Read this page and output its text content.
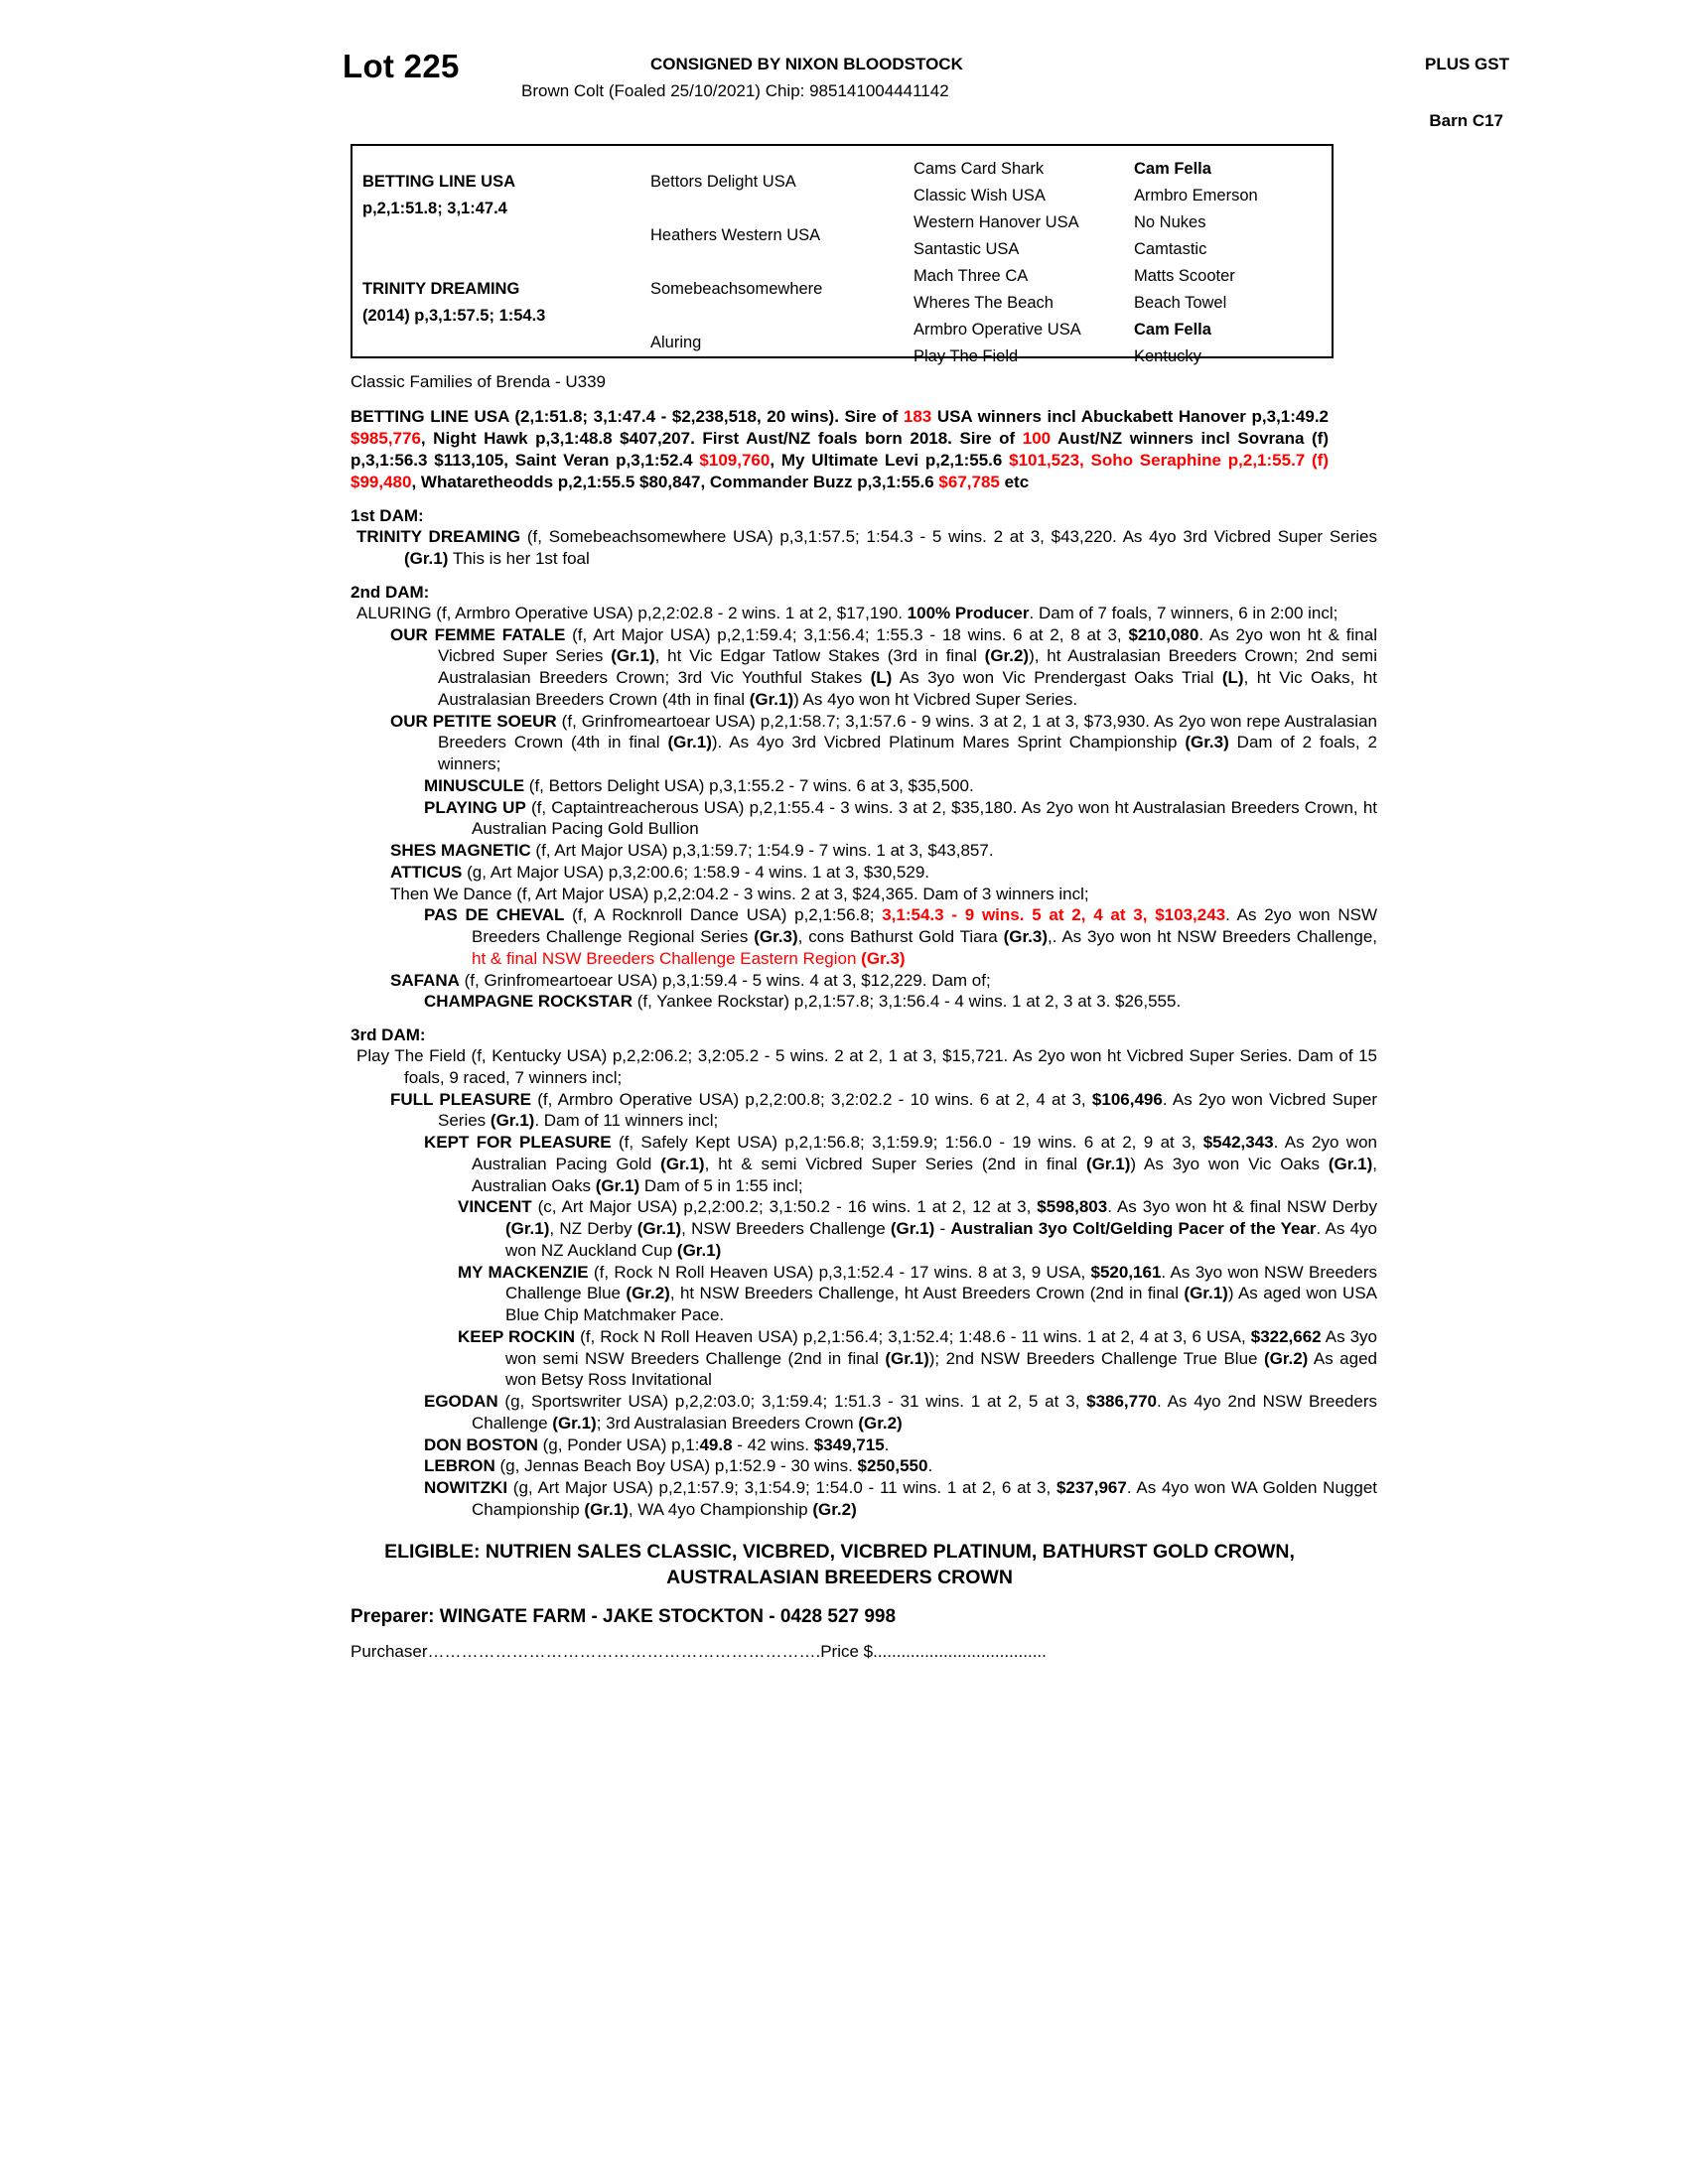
Lot 225	CONSIGNED BY NIXON BLOODSTOCK	PLUS GST
Brown Colt (Foaled 25/10/2021) Chip: 985141004441142
Barn C17
BETTING LINE USA
p,2,1:51.8; 3,1:47.4
TRINITY DREAMING
(2014) p,3,1:57.5; 1:54.3
Bettors Delight USA
Heathers Western USA
Somebeachsomewhere
Aluring
Cams Card Shark
Classic Wish USA
Western Hanover USA
Santastic USA
Mach Three CA
Wheres The Beach
Armbro Operative USA
Play The Field
Cam Fella
Armbro Emerson
No Nukes
Camtastic
Matts Scooter
Beach Towel
Cam Fella
Kentucky
Classic Families of Brenda - U339
BETTING LINE USA (2,1:51.8; 3,1:47.4 - $2,238,518, 20 wins). Sire of 183 USA winners incl Abuckabett Hanover p,3,1:49.2 $985,776, Night Hawk p,3,1:48.8 $407,207. First Aust/NZ foals born 2018. Sire of 100 Aust/NZ winners incl Sovrana (f) p,3,1:56.3 $113,105, Saint Veran p,3,1:52.4 $109,760, My Ultimate Levi p,2,1:55.6 $101,523, Soho Seraphine p,2,1:55.7 (f) $99,480, Whataretheodds p,2,1:55.5 $80,847, Commander Buzz p,3,1:55.6 $67,785 etc
1st DAM:
TRINITY DREAMING (f, Somebeachsomewhere USA) p,3,1:57.5; 1:54.3 - 5 wins. 2 at 3, $43,220. As 4yo 3rd Vicbred Super Series (Gr.1) This is her 1st foal
2nd DAM:
ALURING (f, Armbro Operative USA) p,2,2:02.8 - 2 wins. 1 at 2, $17,190. 100% Producer. Dam of 7 foals, 7 winners, 6 in 2:00 incl;
OUR FEMME FATALE (f, Art Major USA) p,2,1:59.4; 3,1:56.4; 1:55.3 - 18 wins. 6 at 2, 8 at 3, $210,080. As 2yo won ht & final Vicbred Super Series (Gr.1), ht Vic Edgar Tatlow Stakes (3rd in final (Gr.2)), ht Australasian Breeders Crown; 2nd semi Australasian Breeders Crown; 3rd Vic Youthful Stakes (L) As 3yo won Vic Prendergast Oaks Trial (L), ht Vic Oaks, ht Australasian Breeders Crown (4th in final (Gr.1)) As 4yo won ht Vicbred Super Series.
OUR PETITE SOEUR (f, Grinfromeartoear USA) p,2,1:58.7; 3,1:57.6 - 9 wins. 3 at 2, 1 at 3, $73,930. As 2yo won repe Australasian Breeders Crown (4th in final (Gr.1)). As 4yo 3rd Vicbred Platinum Mares Sprint Championship (Gr.3) Dam of 2 foals, 2 winners;
MINUSCULE (f, Bettors Delight USA) p,3,1:55.2 - 7 wins. 6 at 3, $35,500.
PLAYING UP (f, Captaintreacherous USA) p,2,1:55.4 - 3 wins. 3 at 2, $35,180. As 2yo won ht Australasian Breeders Crown, ht Australian Pacing Gold Bullion
SHES MAGNETIC (f, Art Major USA) p,3,1:59.7; 1:54.9 - 7 wins. 1 at 3, $43,857.
ATTICUS (g, Art Major USA) p,3,2:00.6; 1:58.9 - 4 wins. 1 at 3, $30,529.
Then We Dance (f, Art Major USA) p,2,2:04.2 - 3 wins. 2 at 3, $24,365. Dam of 3 winners incl;
PAS DE CHEVAL (f, A Rocknroll Dance USA) p,2,1:56.8; 3,1:54.3 - 9 wins. 5 at 2, 4 at 3, $103,243. As 2yo won NSW Breeders Challenge Regional Series (Gr.3), cons Bathurst Gold Tiara (Gr.3),. As 3yo won ht NSW Breeders Challenge, ht & final NSW Breeders Challenge Eastern Region (Gr.3)
SAFANA (f, Grinfromeartoear USA) p,3,1:59.4 - 5 wins. 4 at 3, $12,229. Dam of;
CHAMPAGNE ROCKSTAR (f, Yankee Rockstar) p,2,1:57.8; 3,1:56.4 - 4 wins. 1 at 2, 3 at 3. $26,555.
3rd DAM:
Play The Field (f, Kentucky USA) p,2,2:06.2; 3,2:05.2 - 5 wins. 2 at 2, 1 at 3, $15,721. As 2yo won ht Vicbred Super Series. Dam of 15 foals, 9 raced, 7 winners incl;
FULL PLEASURE (f, Armbro Operative USA) p,2,2:00.8; 3,2:02.2 - 10 wins. 6 at 2, 4 at 3, $106,496. As 2yo won Vicbred Super Series (Gr.1). Dam of 11 winners incl;
KEPT FOR PLEASURE (f, Safely Kept USA) p,2,1:56.8; 3,1:59.9; 1:56.0 - 19 wins. 6 at 2, 9 at 3, $542,343. As 2yo won Australian Pacing Gold (Gr.1), ht & semi Vicbred Super Series (2nd in final (Gr.1)) As 3yo won Vic Oaks (Gr.1), Australian Oaks (Gr.1) Dam of 5 in 1:55 incl;
VINCENT (c, Art Major USA) p,2,2:00.2; 3,1:50.2 - 16 wins. 1 at 2, 12 at 3, $598,803. As 3yo won ht & final NSW Derby (Gr.1), NZ Derby (Gr.1), NSW Breeders Challenge (Gr.1) - Australian 3yo Colt/Gelding Pacer of the Year. As 4yo won NZ Auckland Cup (Gr.1)
MY MACKENZIE (f, Rock N Roll Heaven USA) p,3,1:52.4 - 17 wins. 8 at 3, 9 USA, $520,161. As 3yo won NSW Breeders Challenge Blue (Gr.2), ht NSW Breeders Challenge, ht Aust Breeders Crown (2nd in final (Gr.1)) As aged won USA Blue Chip Matchmaker Pace.
KEEP ROCKIN (f, Rock N Roll Heaven USA) p,2,1:56.4; 3,1:52.4; 1:48.6 - 11 wins. 1 at 2, 4 at 3, 6 USA, $322,662 As 3yo won semi NSW Breeders Challenge (2nd in final (Gr.1)); 2nd NSW Breeders Challenge True Blue (Gr.2) As aged won Betsy Ross Invitational
EGODAN (g, Sportswriter USA) p,2,2:03.0; 3,1:59.4; 1:51.3 - 31 wins. 1 at 2, 5 at 3, $386,770. As 4yo 2nd NSW Breeders Challenge (Gr.1); 3rd Australasian Breeders Crown (Gr.2)
DON BOSTON (g, Ponder USA) p,1:49.8 - 42 wins. $349,715.
LEBRON (g, Jennas Beach Boy USA) p,1:52.9 - 30 wins. $250,550.
NOWITZKI (g, Art Major USA) p,2,1:57.9; 3,1:54.9; 1:54.0 - 11 wins. 1 at 2, 6 at 3, $237,967. As 4yo won WA Golden Nugget Championship (Gr.1), WA 4yo Championship (Gr.2)
ELIGIBLE: NUTRIEN SALES CLASSIC, VICBRED, VICBRED PLATINUM, BATHURST GOLD CROWN, AUSTRALASIAN BREEDERS CROWN
Preparer: WINGATE FARM - JAKE STOCKTON - 0428 527 998
Purchaser…………………………………………………………….Price $.....................................
